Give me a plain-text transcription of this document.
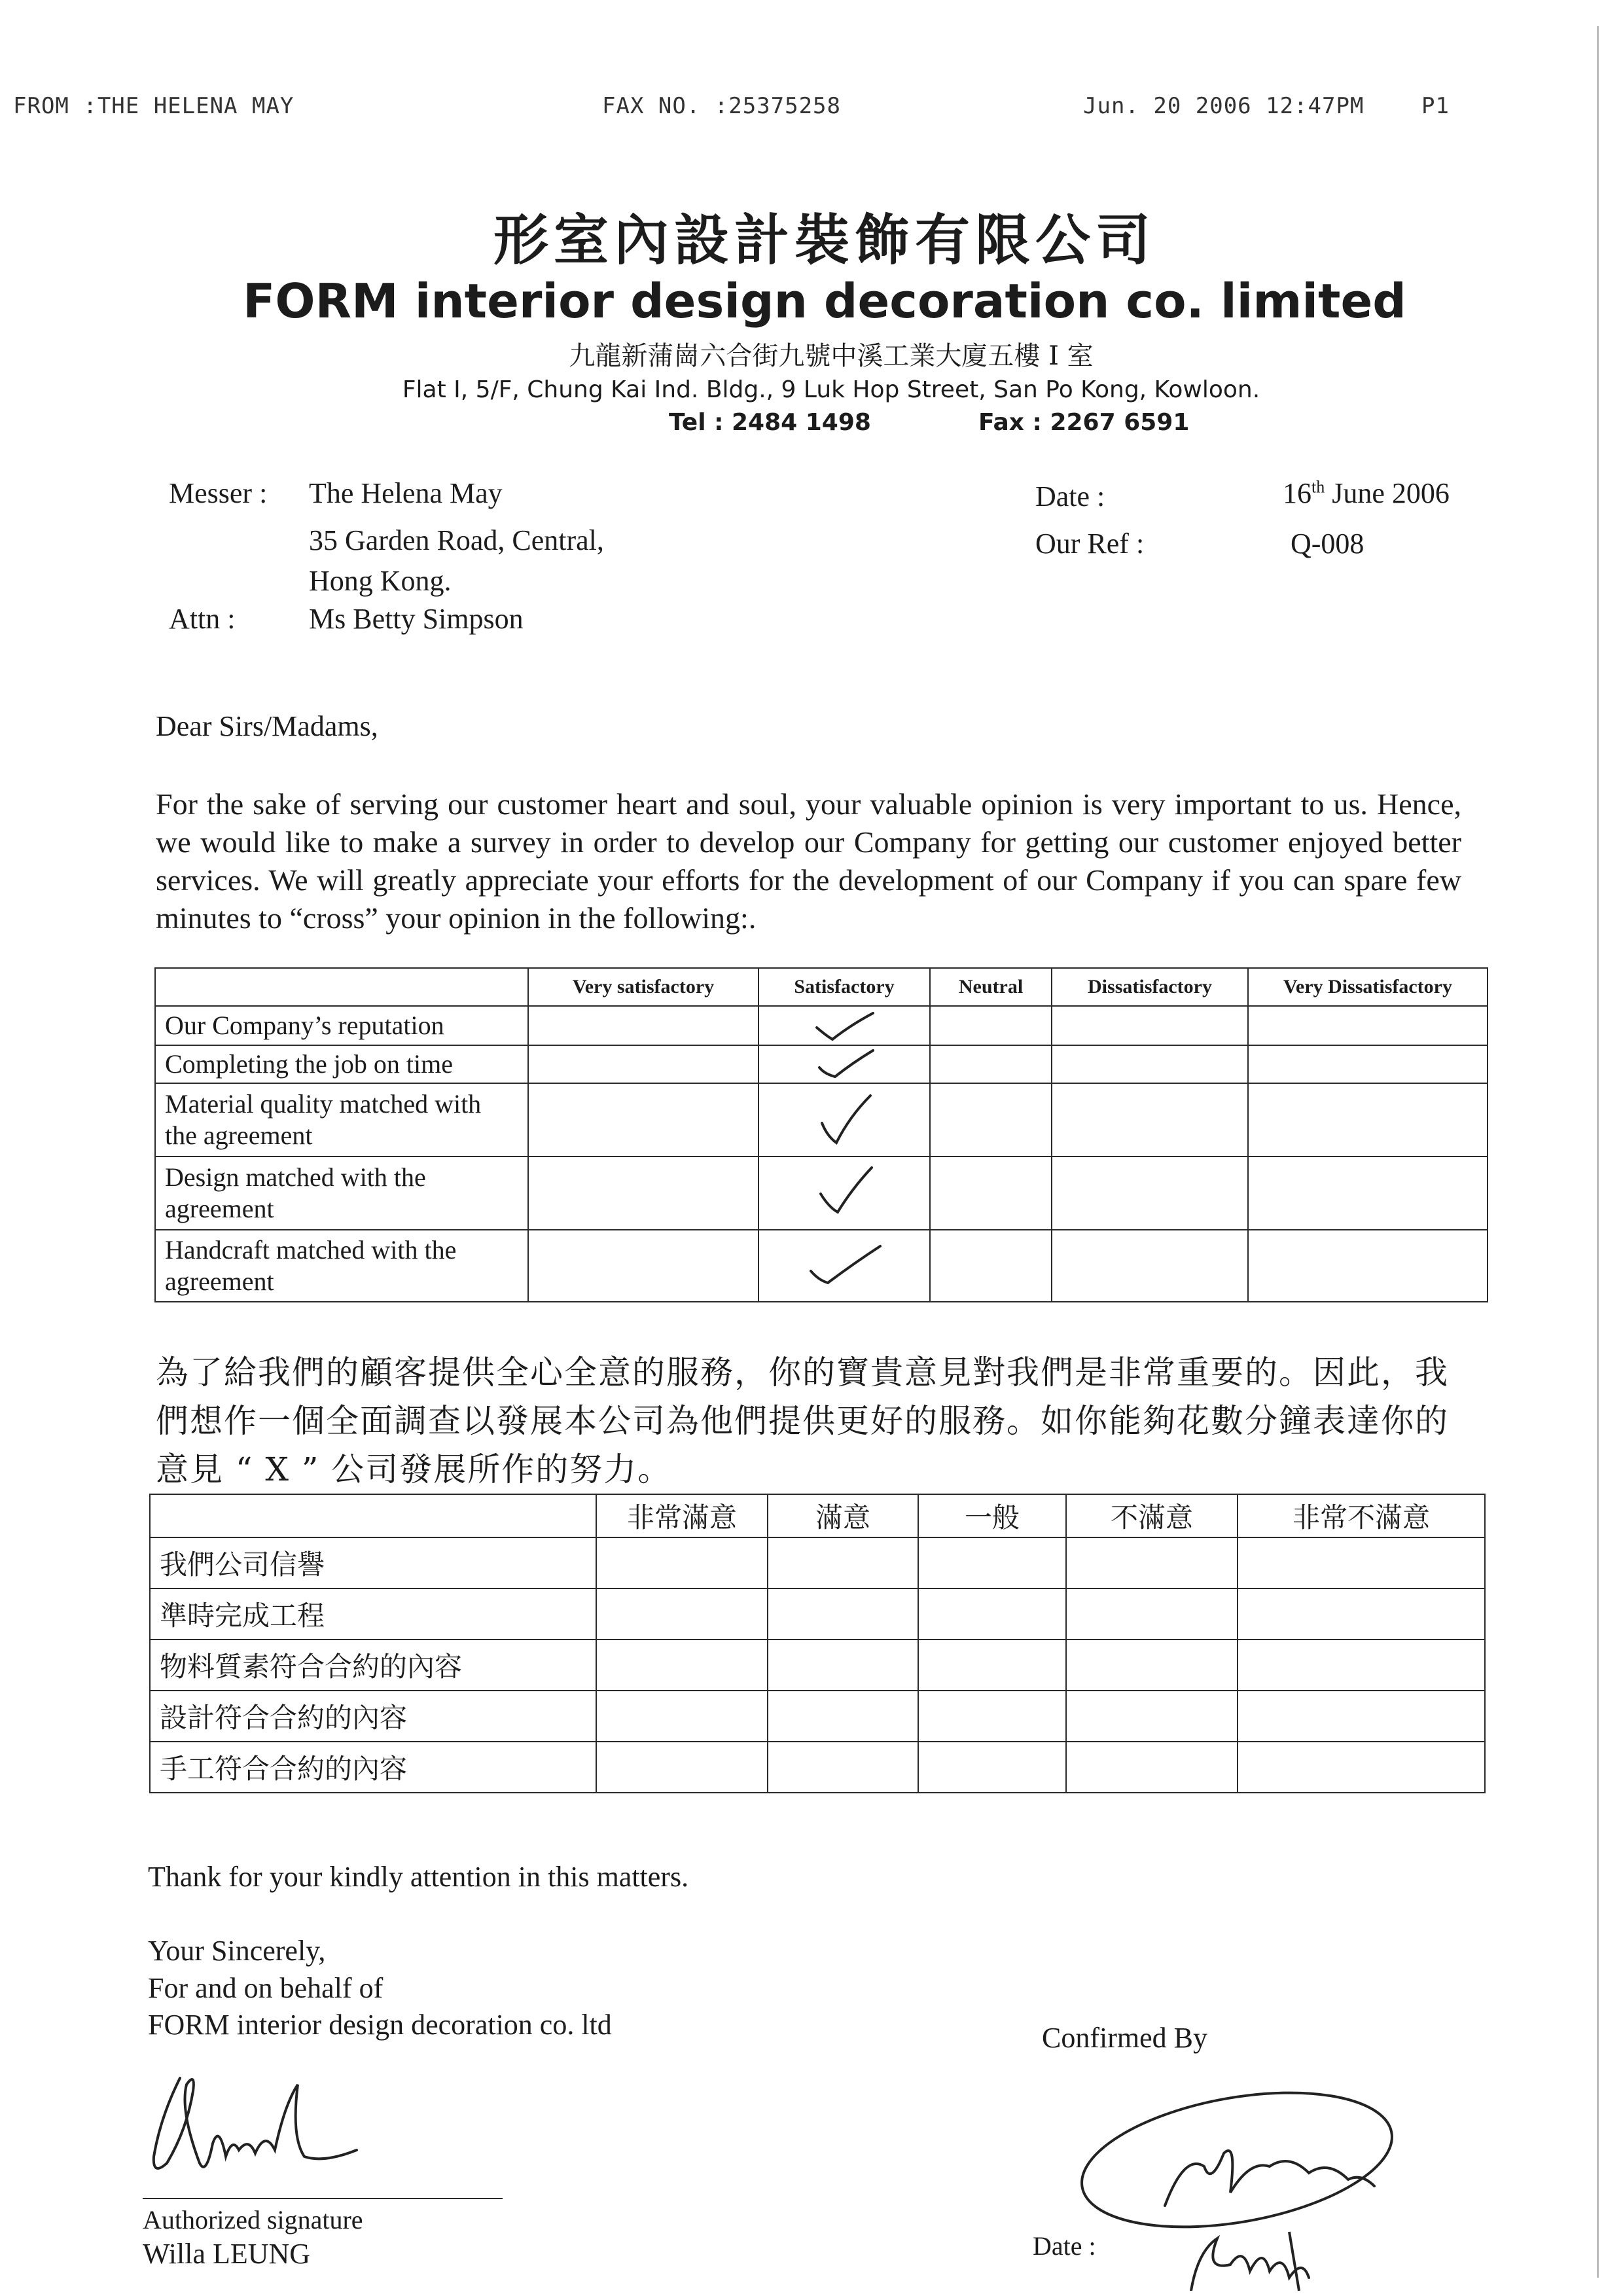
FROM :THE HELENA MAY	FAX NO. :25375258	Jun. 20 2006 12:47PM	P1
形室內設計裝飾有限公司
FORM interior design decoration co. limited
九龍新蒲崗六合街九號中溪工業大廈五樓 I 室
Flat I, 5/F, Chung Kai Ind. Bldg., 9 Luk Hop Street, San Po Kong, Kowloon.
Tel : 2484 1498	Fax : 2267 6591
Messer : The Helena May
35 Garden Road, Central,
Hong Kong.
Attn :	Ms Betty Simpson
Date :	16th June 2006
Our Ref :	Q-008
Dear Sirs/Madams,
For the sake of serving our customer heart and soul, your valuable opinion is very important to us. Hence, we would like to make a survey in order to develop our Company for getting our customer enjoyed better services. We will greatly appreciate your efforts for the development of our Company if you can spare few minutes to “cross” your opinion in the following:.
	Very satisfactory	Satisfactory	Neutral	Dissatisfactory	Very Dissatisfactory
Our Company’s reputation		

Completing the job on time		

Material quality matched with the agreement		

Design matched with the agreement		

Handcraft matched with the agreement		

為了給我們的顧客提供全心全意的服務，你的寶貴意見對我們是非常重要的。因此，我們想作一個全面調查以發展本公司為他們提供更好的服務。如你能夠花數分鐘表達你的意見 “ X ” 公司發展所作的努力。
	非常滿意	滿意	一般	不滿意	非常不滿意
我們公司信譽					
準時完成工程					
物料質素符合合約的內容					
設計符合合約的內容					
手工符合合約的內容					
Thank for your kindly attention in this matters.
Your Sincerely,
For and on behalf of
FORM interior design decoration co. ltd
Authorized signature
Willa LEUNG
Confirmed By
Date :
